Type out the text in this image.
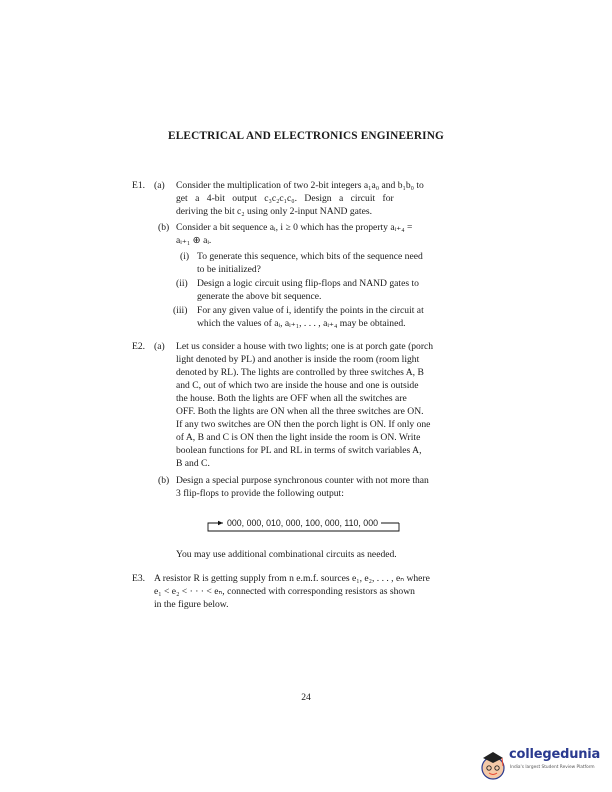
ELECTRICAL AND ELECTRONICS ENGINEERING
E1. (a) Consider the multiplication of two 2-bit integers a₁a₀ and b₁b₀ to
get a 4-bit output c₃c₂c₁c₀. Design a circuit for
deriving the bit c₂ using only 2-input NAND gates.
(b) Consider a bit sequence aᵢ, i ≥ 0 which has the property aᵢ₊₄ =
aᵢ₊₁ ⊕ aᵢ.
(i) To generate this sequence, which bits of the sequence need
to be initialized?
(ii) Design a logic circuit using flip-flops and NAND gates to
generate the above bit sequence.
(iii) For any given value of i, identify the points in the circuit at
which the values of aᵢ, aᵢ₊₁, . . . , aᵢ₊₄ may be obtained.
E2. (a) Let us consider a house with two lights; one is at porch gate (porch
light denoted by PL) and another is inside the room (room light
denoted by RL). The lights are controlled by three switches A, B
and C, out of which two are inside the house and one is outside
the house. Both the lights are OFF when all the switches are
OFF. Both the lights are ON when all the three switches are ON.
If any two switches are ON then the porch light is ON. If only one
of A, B and C is ON then the light inside the room is ON. Write
boolean functions for PL and RL in terms of switch variables A,
B and C.
(b) Design a special purpose synchronous counter with not more than
3 flip-flops to provide the following output:
000, 000, 010, 000, 100, 000, 110, 000
You may use additional combinational circuits as needed.
E3. A resistor R is getting supply from n e.m.f. sources e₁, e₂, . . . , eₙ where
e₁ < e₂ < · · · < eₙ, connected with corresponding resistors as shown
in the figure below.
24
collegedunia
India's largest Student Review Platform
